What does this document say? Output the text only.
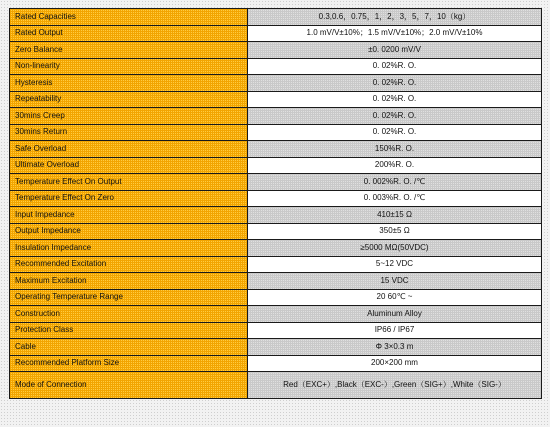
Rated Capacities	0.3,0.6，0.75，1，2，3，5，7，10（kg）
Rated Output	1.0 mV/V±10%；1.5 mV/V±10%；2.0 mV/V±10%
Zero Balance	±0. 0200 mV/V
Non-linearity	0. 02%R. O.
Hysteresis	0. 02%R. O.
Repeatability	0. 02%R. O.
30mins Creep	0. 02%R. O.
30mins Return	0. 02%R. O.
Safe Overload	150%R. O.
Ultimate Overload	200%R. O.
Temperature Effect On Output	0. 002%R. O. /℃
Temperature Effect On Zero	0. 003%R. O. /℃
Input Impedance	410±15 Ω
Output Impedance	350±5 Ω
Insulation Impedance	≥5000 MΩ(50VDC)
Recommended Excitation	5~12 VDC
Maximum Excitation	15 VDC
Operating Temperature Range	20 60℃ ~
Construction	Aluminum Alloy
Protection Class	IP66 / IP67
Cable	Φ 3×0.3 m
Recommended Platform Size	200×200 mm
Mode of Connection	Red（EXC+）,Black（EXC-）,Green（SIG+）,White（SIG-）
